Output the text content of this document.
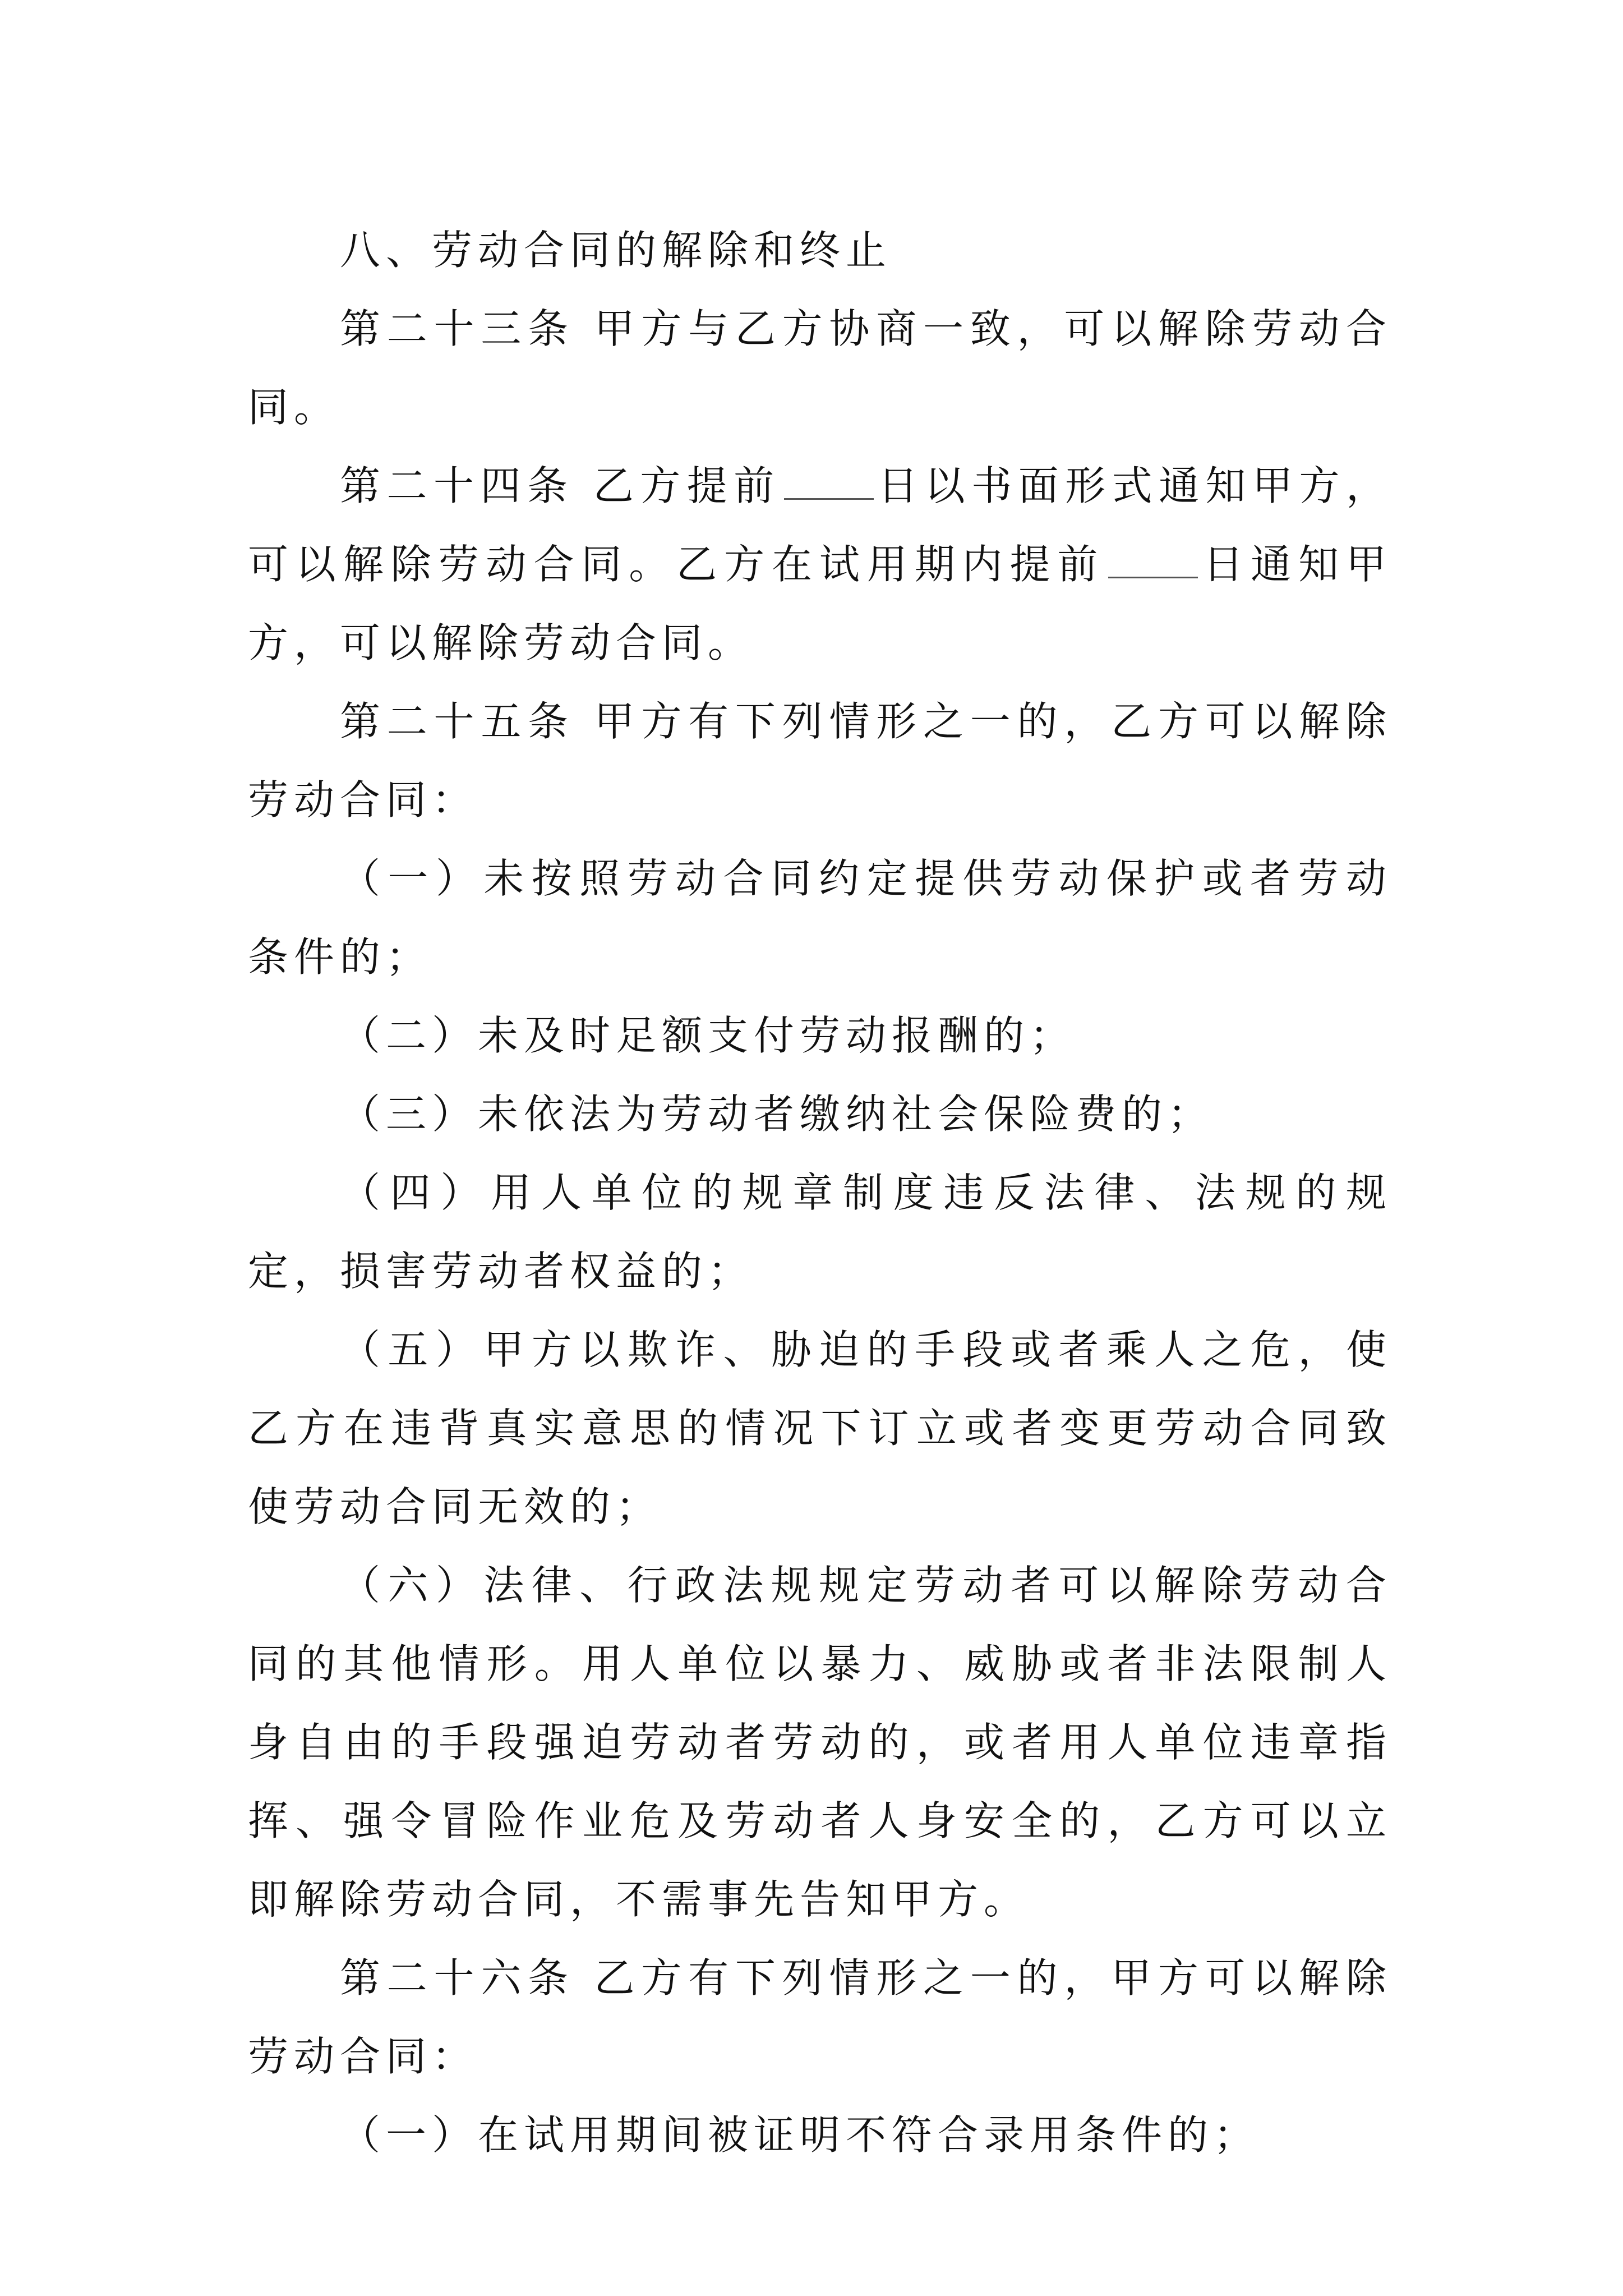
八、劳动合同的解除和终止

第二十三条 甲方与乙方协商一致，可以解除劳动合同。

第二十四条 乙方提前 日以书面形式通知甲方，可以解除劳动合同。乙方在试用期内提前 日通知甲方，可以解除劳动合同。

第二十五条 甲方有下列情形之一的，乙方可以解除劳动合同：

（一）未按照劳动合同约定提供劳动保护或者劳动条件的；

（二）未及时足额支付劳动报酬的；

（三）未依法为劳动者缴纳社会保险费的；

（四）用人单位的规章制度违反法律、法规的规定，损害劳动者权益的；

（五）甲方以欺诈、胁迫的手段或者乘人之危，使乙方在违背真实意思的情况下订立或者变更劳动合同致使劳动合同无效的；

（六）法律、行政法规规定劳动者可以解除劳动合同的其他情形。用人单位以暴力、威胁或者非法限制人身自由的手段强迫劳动者劳动的，或者用人单位违章指挥、强令冒险作业危及劳动者人身安全的，乙方可以立即解除劳动合同，不需事先告知甲方。

第二十六条 乙方有下列情形之一的，甲方可以解除劳动合同：

（一）在试用期间被证明不符合录用条件的；
